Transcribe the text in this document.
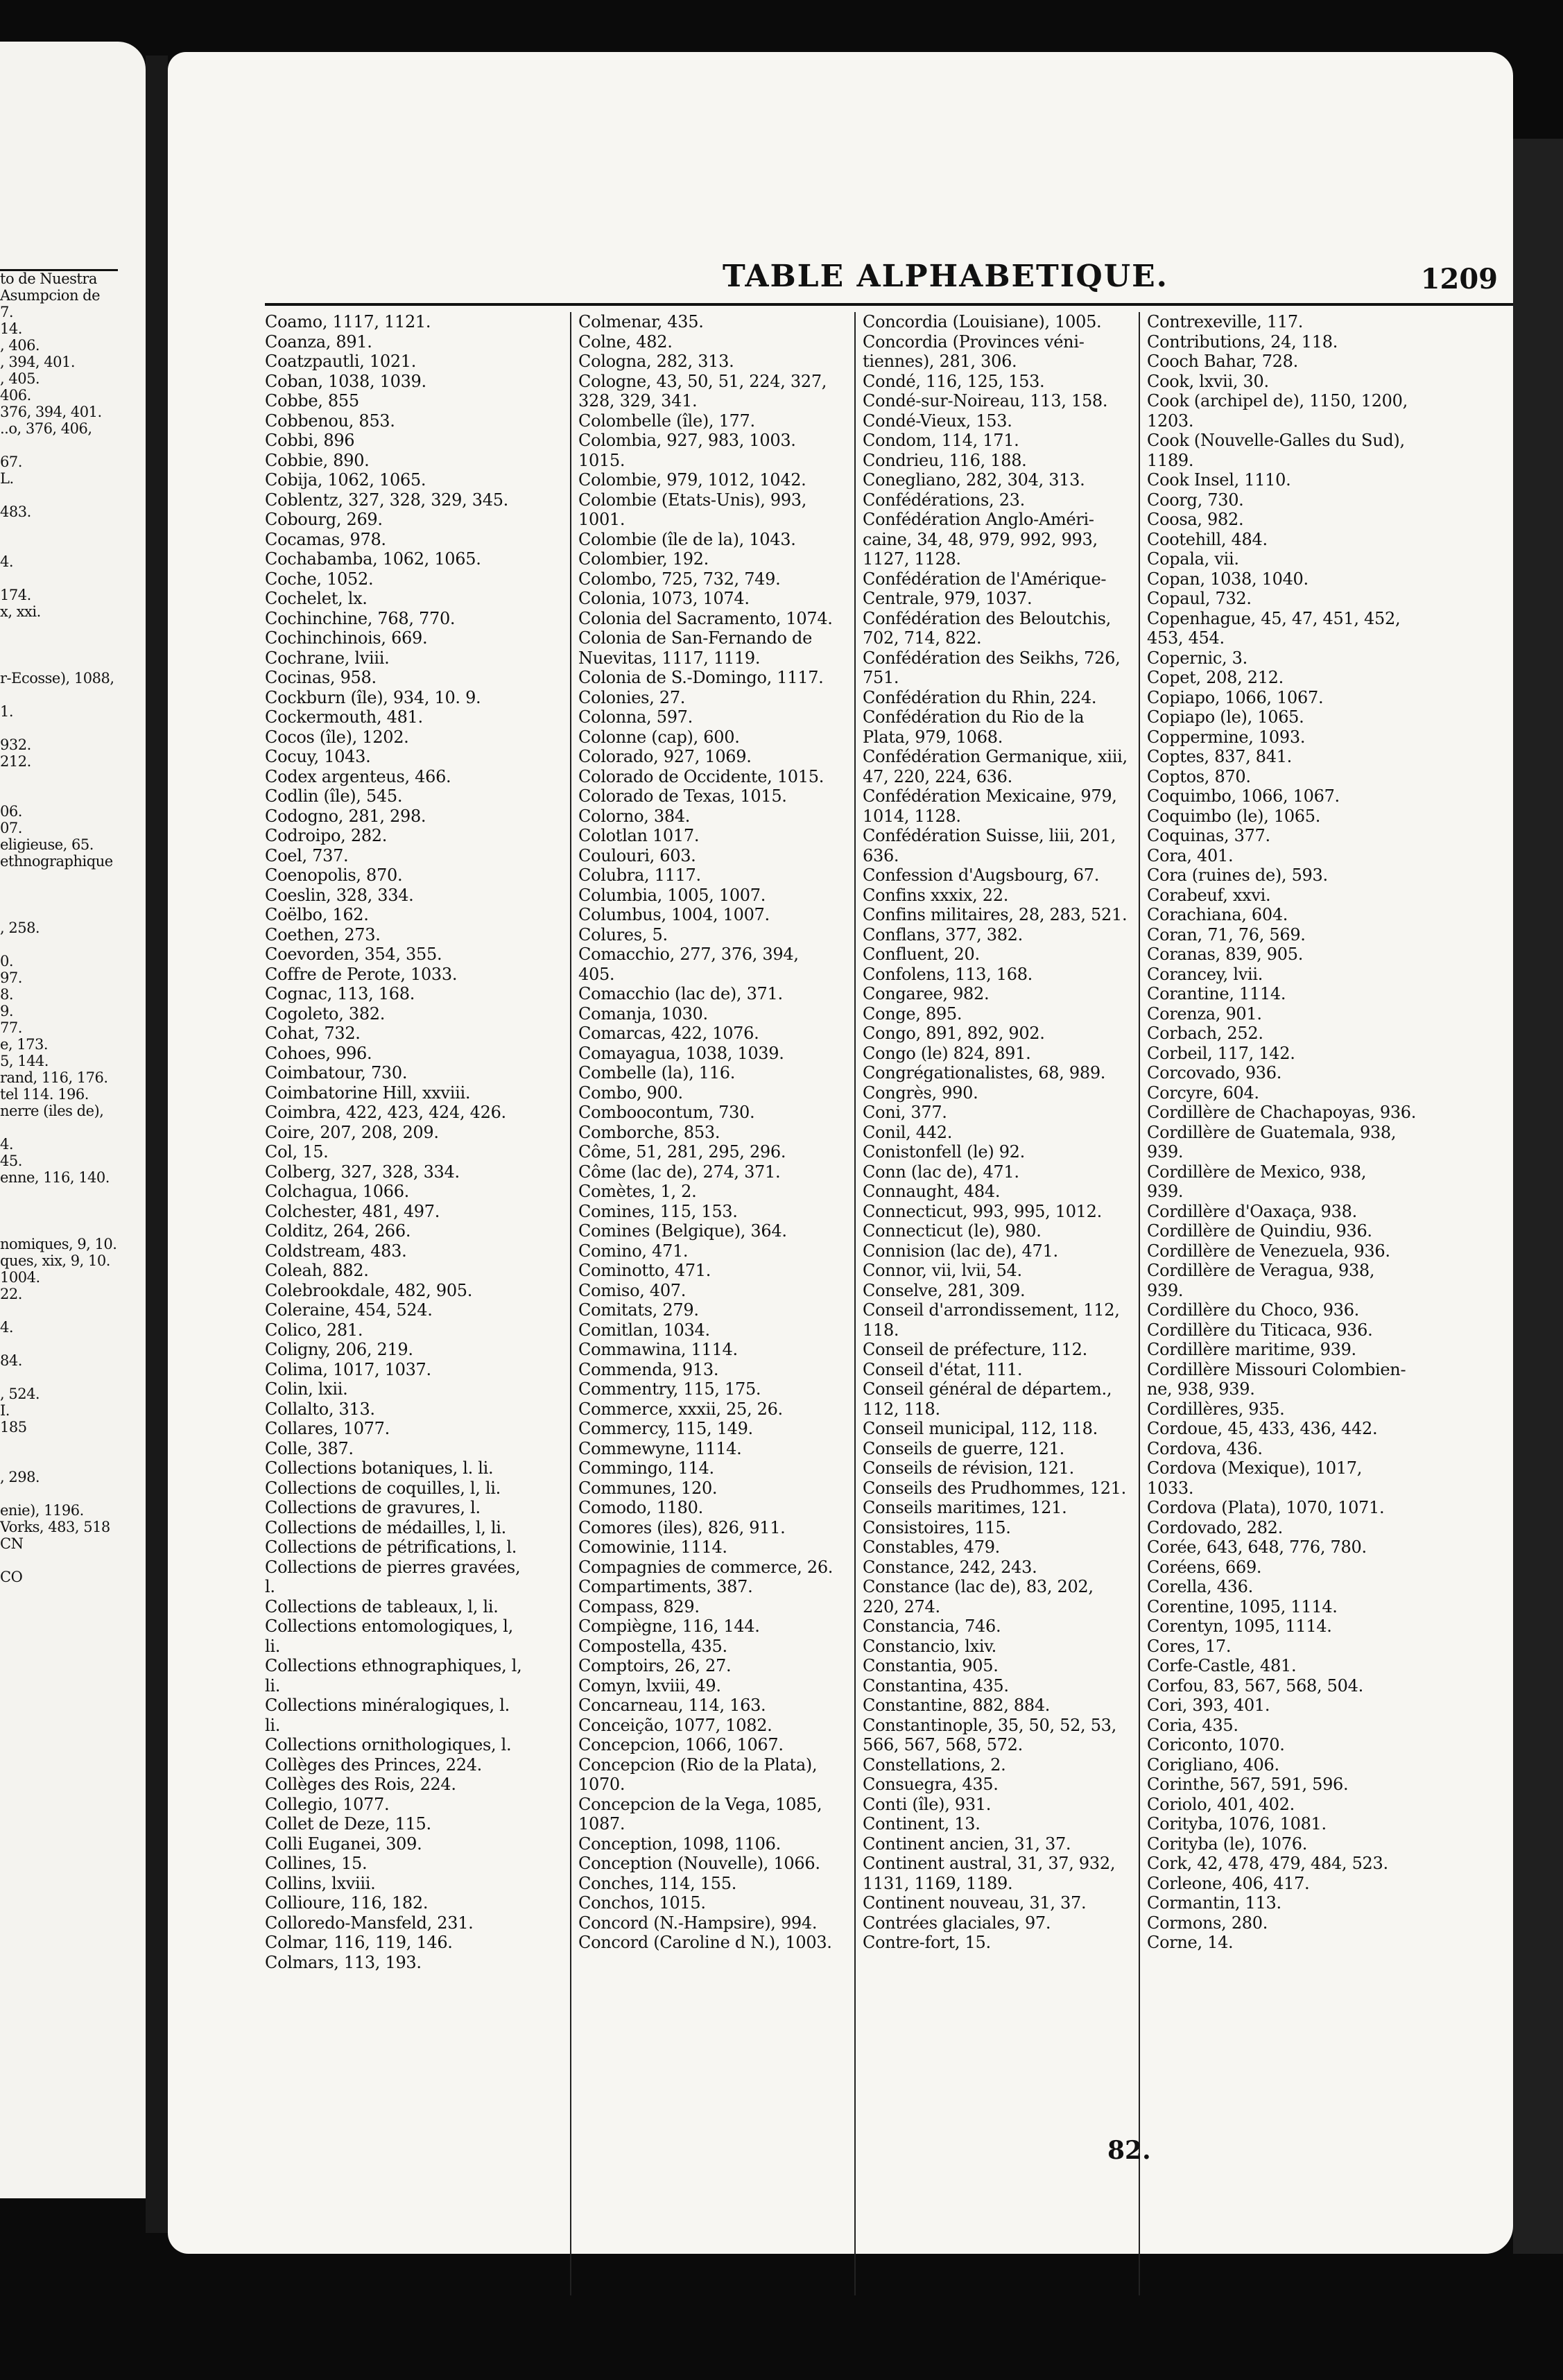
to de Nuestra
Asumpcion de
7.
14.
, 406.
, 394, 401.
, 405.
406.
376, 394, 401.
..o, 376, 406,

67.
L.

483.

4.

174.
x, xxi.

r-Ecosse), 1088,

1.

932.
212.

06.
07.
eligieuse, 65.
ethnographique

, 258.

0.
97.
8.
9.
77.
e, 173.
5, 144.
rand, 116, 176.
tel 114. 196.
nerre (iles de),

4.
45.
enne, 116, 140.

nomiques, 9, 10.
ques, xix, 9, 10.
1004.
22.

4.

84.

, 524.
I.
185

, 298.

enie), 1196.
Vorks, 483, 518
CN

CO
TABLE ALPHABETIQUE.	1209
Coamo, 1117, 1121.
Coanza, 891.
Coatzpautli, 1021.
Coban, 1038, 1039.
Cobbe, 855
Cobbenou, 853.
Cobbi, 896
Cobbie, 890.
Cobija, 1062, 1065.
Coblentz, 327, 328, 329, 345.
Cobourg, 269.
Cocamas, 978.
Cochabamba, 1062, 1065.
Coche, 1052.
Cochelet, lx.
Cochinchine, 768, 770.
Cochinchinois, 669.
Cochrane, lviii.
Cocinas, 958.
Cockburn (île), 934, 10. 9.
Cockermouth, 481.
Cocos (île), 1202.
Cocuy, 1043.
Codex argenteus, 466.
Codlin (île), 545.
Codogno, 281, 298.
Codroipo, 282.
Coel, 737.
Coenopolis, 870.
Coeslin, 328, 334.
Coëlbo, 162.
Coethen, 273.
Coevorden, 354, 355.
Coffre de Perote, 1033.
Cognac, 113, 168.
Cogoleto, 382.
Cohat, 732.
Cohoes, 996.
Coimbatour, 730.
Coimbatorine Hill, xxviii.
Coimbra, 422, 423, 424, 426.
Coire, 207, 208, 209.
Col, 15.
Colberg, 327, 328, 334.
Colchagua, 1066.
Colchester, 481, 497.
Colditz, 264, 266.
Coldstream, 483.
Coleah, 882.
Colebrookdale, 482, 905.
Coleraine, 454, 524.
Colico, 281.
Coligny, 206, 219.
Colima, 1017, 1037.
Colin, lxii.
Collalto, 313.
Collares, 1077.
Colle, 387.
Collections botaniques, l. li.
Collections de coquilles, l, li.
Collections de gravures, l.
Collections de médailles, l, li.
Collections de pétrifications, l.
Collections de pierres gravées,
l.
Collections de tableaux, l, li.
Collections entomologiques, l,
li.
Collections ethnographiques, l,
li.
Collections minéralogiques, l.
li.
Collections ornithologiques, l.
Collèges des Princes, 224.
Collèges des Rois, 224.
Collegio, 1077.
Collet de Deze, 115.
Colli Euganei, 309.
Collines, 15.
Collins, lxviii.
Collioure, 116, 182.
Colloredo-Mansfeld, 231.
Colmar, 116, 119, 146.
Colmars, 113, 193.
Colmenar, 435.
Colne, 482.
Cologna, 282, 313.
Cologne, 43, 50, 51, 224, 327,
328, 329, 341.
Colombelle (île), 177.
Colombia, 927, 983, 1003.
1015.
Colombie, 979, 1012, 1042.
Colombie (Etats-Unis), 993,
1001.
Colombie (île de la), 1043.
Colombier, 192.
Colombo, 725, 732, 749.
Colonia, 1073, 1074.
Colonia del Sacramento, 1074.
Colonia de San-Fernando de
Nuevitas, 1117, 1119.
Colonia de S.-Domingo, 1117.
Colonies, 27.
Colonna, 597.
Colonne (cap), 600.
Colorado, 927, 1069.
Colorado de Occidente, 1015.
Colorado de Texas, 1015.
Colorno, 384.
Colotlan 1017.
Coulouri, 603.
Colubra, 1117.
Columbia, 1005, 1007.
Columbus, 1004, 1007.
Colures, 5.
Comacchio, 277, 376, 394,
405.
Comacchio (lac de), 371.
Comanja, 1030.
Comarcas, 422, 1076.
Comayagua, 1038, 1039.
Combelle (la), 116.
Combo, 900.
Comboocontum, 730.
Comborche, 853.
Côme, 51, 281, 295, 296.
Côme (lac de), 274, 371.
Comètes, 1, 2.
Comines, 115, 153.
Comines (Belgique), 364.
Comino, 471.
Cominotto, 471.
Comiso, 407.
Comitats, 279.
Comitlan, 1034.
Commawina, 1114.
Commenda, 913.
Commentry, 115, 175.
Commerce, xxxii, 25, 26.
Commercy, 115, 149.
Commewyne, 1114.
Commingo, 114.
Communes, 120.
Comodo, 1180.
Comores (iles), 826, 911.
Comowinie, 1114.
Compagnies de commerce, 26.
Compartiments, 387.
Compass, 829.
Compiègne, 116, 144.
Compostella, 435.
Comptoirs, 26, 27.
Comyn, lxviii, 49.
Concarneau, 114, 163.
Conceição, 1077, 1082.
Concepcion, 1066, 1067.
Concepcion (Rio de la Plata),
1070.
Concepcion de la Vega, 1085,
1087.
Conception, 1098, 1106.
Conception (Nouvelle), 1066.
Conches, 114, 155.
Conchos, 1015.
Concord (N.-Hampsire), 994.
Concord (Caroline d N.), 1003.
Concordia (Louisiane), 1005.
Concordia (Provinces véni-
tiennes), 281, 306.
Condé, 116, 125, 153.
Condé-sur-Noireau, 113, 158.
Condé-Vieux, 153.
Condom, 114, 171.
Condrieu, 116, 188.
Conegliano, 282, 304, 313.
Confédérations, 23.
Confédération Anglo-Améri-
caine, 34, 48, 979, 992, 993,
1127, 1128.
Confédération de l'Amérique-
Centrale, 979, 1037.
Confédération des Beloutchis,
702, 714, 822.
Confédération des Seikhs, 726,
751.
Confédération du Rhin, 224.
Confédération du Rio de la
Plata, 979, 1068.
Confédération Germanique, xiii,
47, 220, 224, 636.
Confédération Mexicaine, 979,
1014, 1128.
Confédération Suisse, liii, 201,
636.
Confession d'Augsbourg, 67.
Confins xxxix, 22.
Confins militaires, 28, 283, 521.
Conflans, 377, 382.
Confluent, 20.
Confolens, 113, 168.
Congaree, 982.
Conge, 895.
Congo, 891, 892, 902.
Congo (le) 824, 891.
Congrégationalistes, 68, 989.
Congrès, 990.
Coni, 377.
Conil, 442.
Conistonfell (le) 92.
Conn (lac de), 471.
Connaught, 484.
Connecticut, 993, 995, 1012.
Connecticut (le), 980.
Connision (lac de), 471.
Connor, vii, lvii, 54.
Conselve, 281, 309.
Conseil d'arrondissement, 112,
118.
Conseil de préfecture, 112.
Conseil d'état, 111.
Conseil général de départem.,
112, 118.
Conseil municipal, 112, 118.
Conseils de guerre, 121.
Conseils de révision, 121.
Conseils des Prudhommes, 121.
Conseils maritimes, 121.
Consistoires, 115.
Constables, 479.
Constance, 242, 243.
Constance (lac de), 83, 202,
220, 274.
Constancia, 746.
Constancio, lxiv.
Constantia, 905.
Constantina, 435.
Constantine, 882, 884.
Constantinople, 35, 50, 52, 53,
566, 567, 568, 572.
Constellations, 2.
Consuegra, 435.
Conti (île), 931.
Continent, 13.
Continent ancien, 31, 37.
Continent austral, 31, 37, 932,
1131, 1169, 1189.
Continent nouveau, 31, 37.
Contrées glaciales, 97.
Contre-fort, 15.
Contrexeville, 117.
Contributions, 24, 118.
Cooch Bahar, 728.
Cook, lxvii, 30.
Cook (archipel de), 1150, 1200,
1203.
Cook (Nouvelle-Galles du Sud),
1189.
Cook Insel, 1110.
Coorg, 730.
Coosa, 982.
Cootehill, 484.
Copala, vii.
Copan, 1038, 1040.
Copaul, 732.
Copenhague, 45, 47, 451, 452,
453, 454.
Copernic, 3.
Copet, 208, 212.
Copiapo, 1066, 1067.
Copiapo (le), 1065.
Coppermine, 1093.
Coptes, 837, 841.
Coptos, 870.
Coquimbo, 1066, 1067.
Coquimbo (le), 1065.
Coquinas, 377.
Cora, 401.
Cora (ruines de), 593.
Corabeuf, xxvi.
Corachiana, 604.
Coran, 71, 76, 569.
Coranas, 839, 905.
Corancey, lvii.
Corantine, 1114.
Corenza, 901.
Corbach, 252.
Corbeil, 117, 142.
Corcovado, 936.
Corcyre, 604.
Cordillère de Chachapoyas, 936.
Cordillère de Guatemala, 938,
939.
Cordillère de Mexico, 938,
939.
Cordillère d'Oaxaça, 938.
Cordillère de Quindiu, 936.
Cordillère de Venezuela, 936.
Cordillère de Veragua, 938,
939.
Cordillère du Choco, 936.
Cordillère du Titicaca, 936.
Cordillère maritime, 939.
Cordillère Missouri Colombien-
ne, 938, 939.
Cordillères, 935.
Cordoue, 45, 433, 436, 442.
Cordova, 436.
Cordova (Mexique), 1017,
1033.
Cordova (Plata), 1070, 1071.
Cordovado, 282.
Corée, 643, 648, 776, 780.
Coréens, 669.
Corella, 436.
Corentine, 1095, 1114.
Corentyn, 1095, 1114.
Cores, 17.
Corfe-Castle, 481.
Corfou, 83, 567, 568, 504.
Cori, 393, 401.
Coria, 435.
Coriconto, 1070.
Corigliano, 406.
Corinthe, 567, 591, 596.
Coriolo, 401, 402.
Corityba, 1076, 1081.
Corityba (le), 1076.
Cork, 42, 478, 479, 484, 523.
Corleone, 406, 417.
Cormantin, 113.
Cormons, 280.
Corne, 14.
82.
